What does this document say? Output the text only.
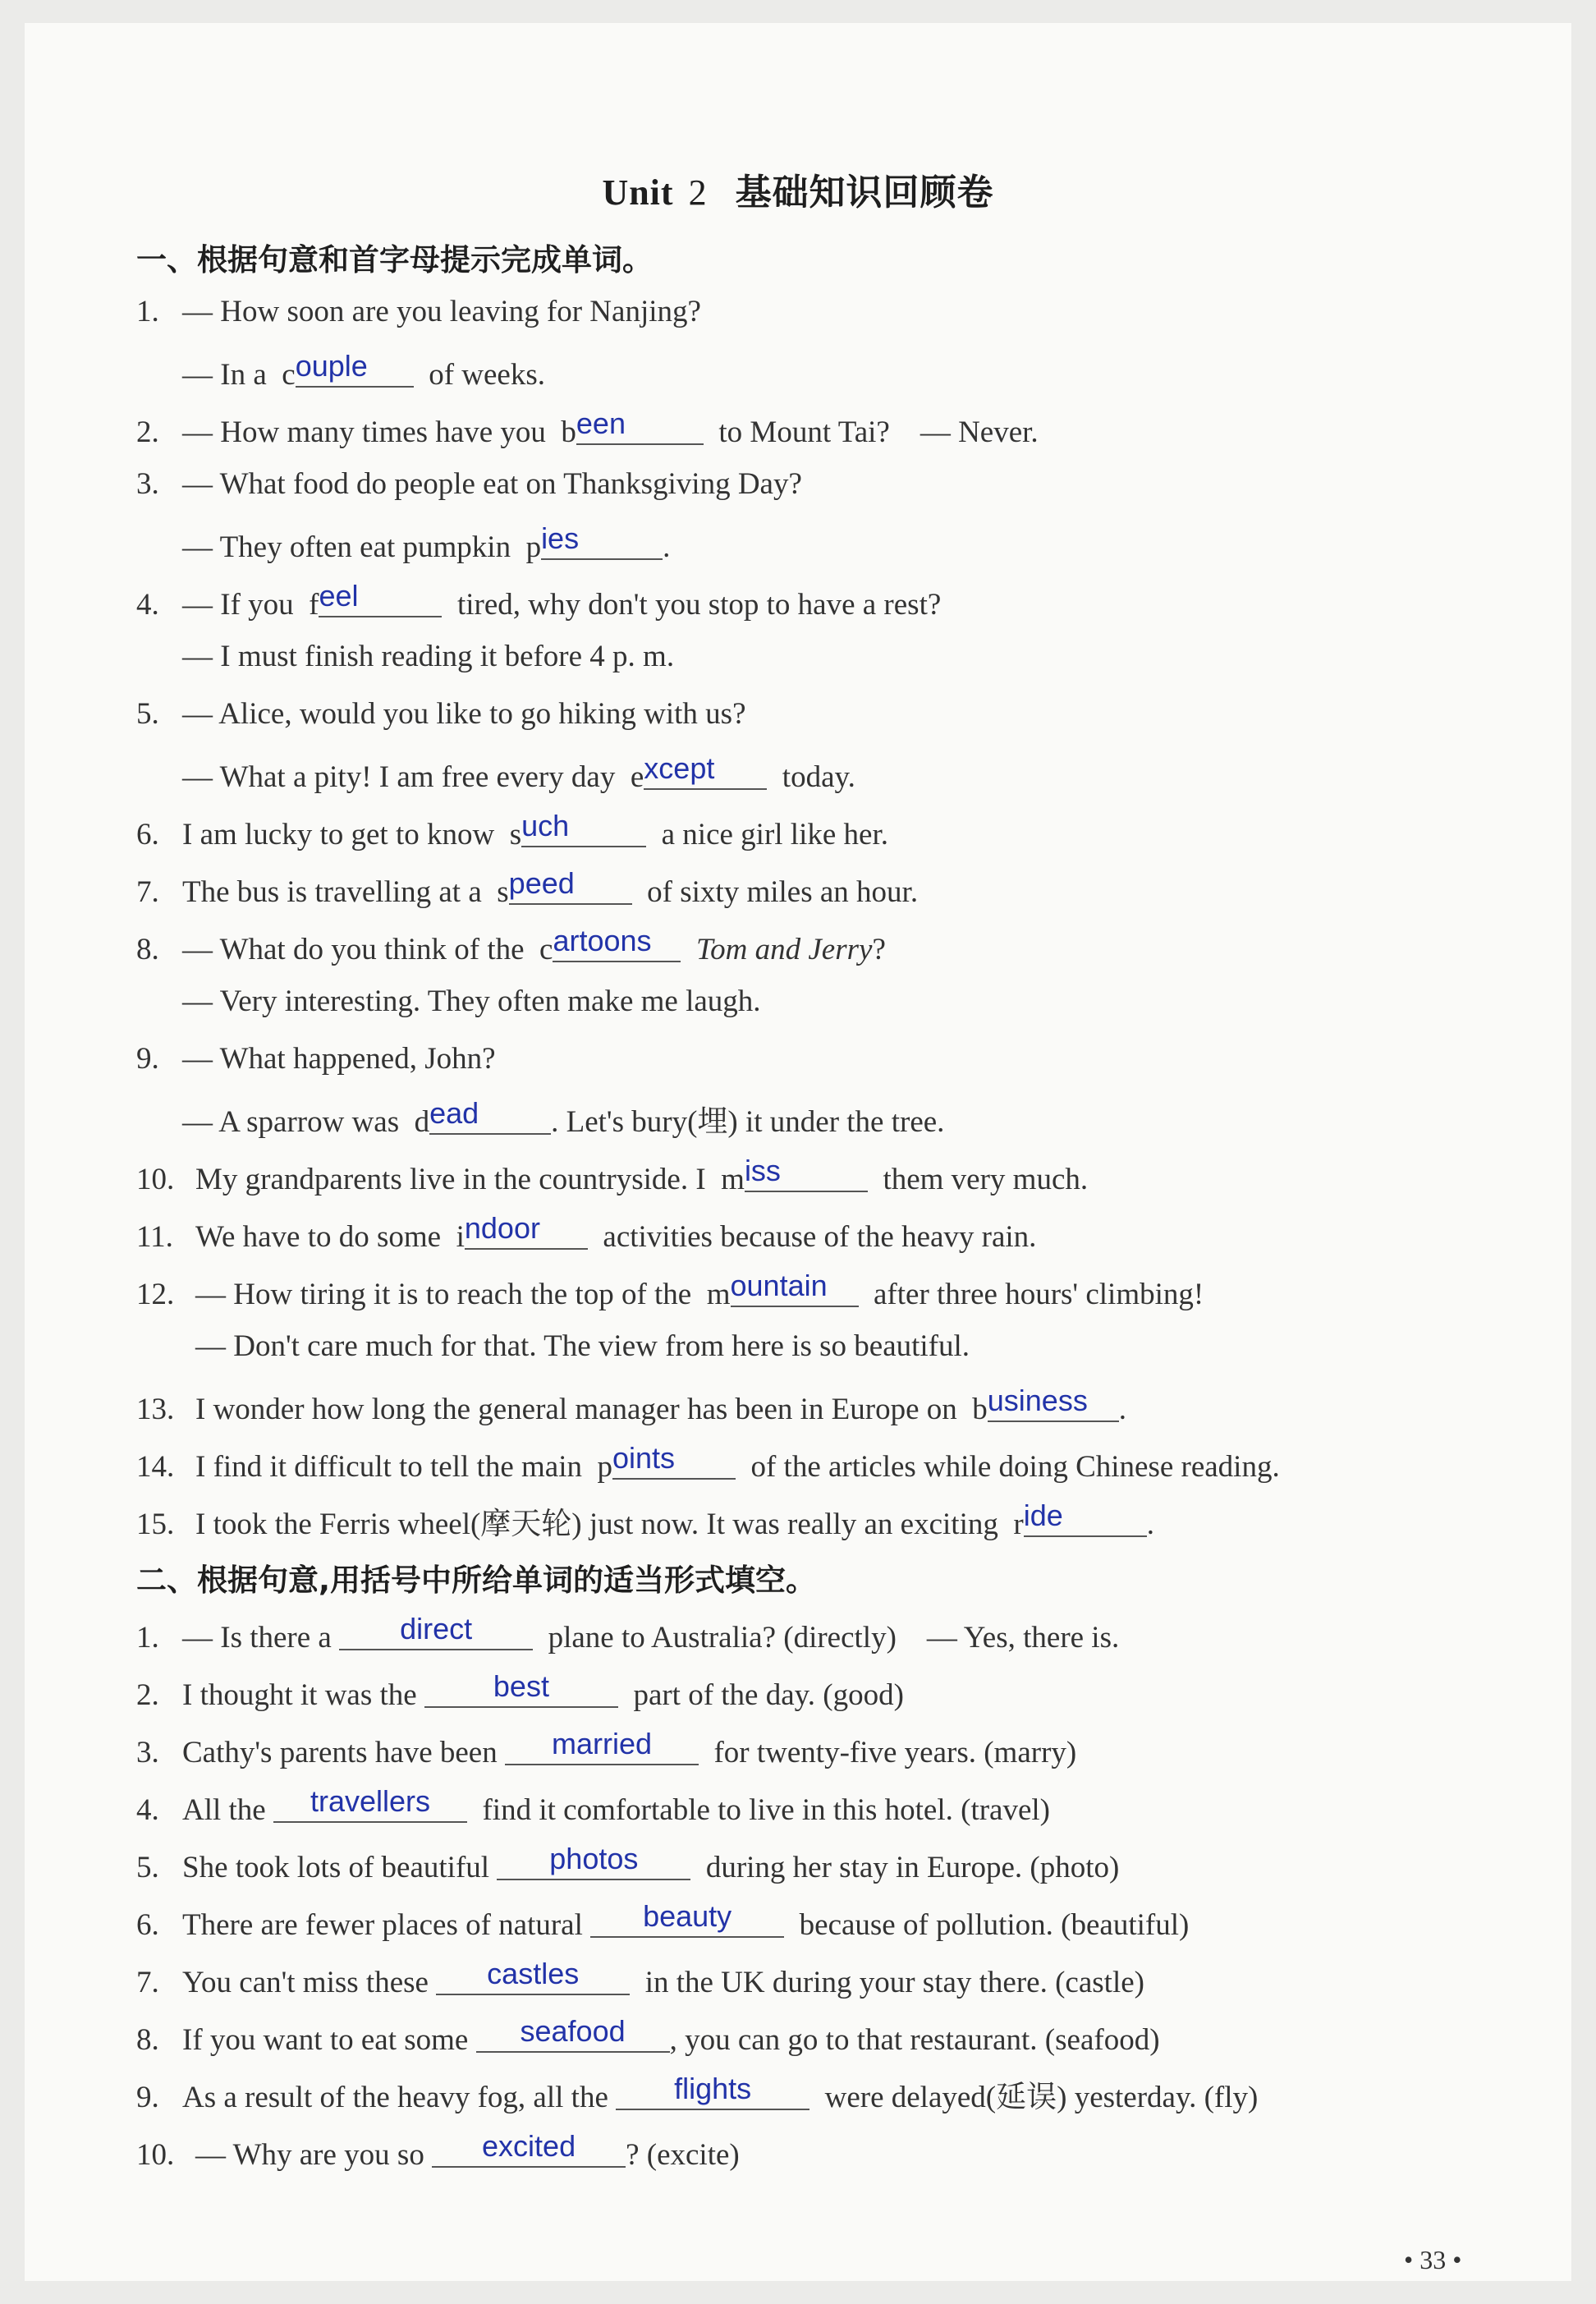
Unit 2 基础知识回顾卷
一、根据句意和首字母提示完成单词。
1. — How soon are you leaving for Nanjing?
— In a couple of weeks.
2. — How many times have you been	to Mount Tai?　— Never.
3. — What food do people eat on Thanksgiving Day?
— They often eat pumpkin pies	.
4. — If you feel	tired, why don't you stop to have a rest?
— I must finish reading it before 4 p. m.
5. — Alice, would you like to go hiking with us?
— What a pity! I am free every day except today.
6. I am lucky to get to know such	a nice girl like her.
7. The bus is travelling at a speed of sixty miles an hour.
8. — What do you think of the cartoons Tom and Jerry?
— Very interesting. They often make me laugh.
9. — What happened, John?
— A sparrow was dead . Let's bury(埋) it under the tree.
10. My grandparents live in the countryside. I miss	them very much.
11. We have to do some indoor activities because of the heavy rain.
12. — How tiring it is to reach the top of the mountain after three hours' climbing!
— Don't care much for that. The view from here is so beautiful.
13. I wonder how long the general manager has been in Europe on business .
14. I find it difficult to tell the main points of the articles while doing Chinese reading.
15. I took the Ferris wheel(摩天轮) just now. It was really an exciting ride	.
二、根据句意,用括号中所给单词的适当形式填空。
1. — Is there a direct plane to Australia? (directly)　— Yes, there is.
2. I thought it was the	best	part of the day. (good)
3. Cathy's parents have been married for twenty-five years. (marry)
4. All the travellers find it comfortable to live in this hotel. (travel)
5. She took lots of beautiful photos during her stay in Europe. (photo)
6. There are fewer places of natural beauty because of pollution. (beautiful)
7. You can't miss these castles in the UK during your stay there. (castle)
8. If you want to eat some seafood , you can go to that restaurant. (seafood)
9. As a result of the heavy fog, all the flights were delayed(延误) yesterday. (fly)
10. — Why are you so excited ? (excite)
• 33 •
